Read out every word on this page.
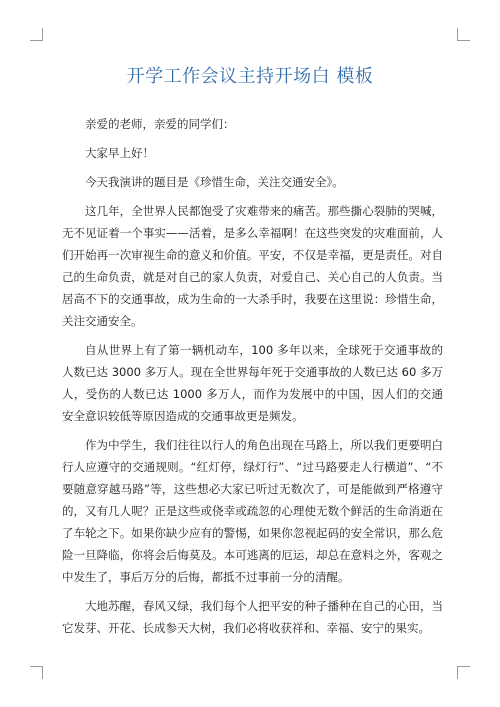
开学工作会议主持开场白 模板

亲爱的老师，亲爱的同学们：

大家早上好！

今天我演讲的题目是《珍惜生命，关注交通安全》。

这几年，全世界人民都饱受了灾难带来的痛苦。那些撕心裂肺的哭喊，无不见证着一个事实——活着，是多么幸福啊！在这些突发的灾难面前，人们开始再一次审视生命的意义和价值。平安，不仅是幸福，更是责任。对自己的生命负责，就是对自己的家人负责，对爱自己、关心自己的人负责。当居高不下的交通事故，成为生命的一大杀手时，我要在这里说：珍惜生命，关注交通安全。

自从世界上有了第一辆机动车，100 多年以来，全球死于交通事故的人数已达 3000 多万人。现在全世界每年死于交通事故的人数已达 60 多万人，受伤的人数已达 1000 多万人，而作为发展中的中国，因人们的交通安全意识较低等原因造成的交通事故更是频发。

作为中学生，我们往往以行人的角色出现在马路上，所以我们更要明白行人应遵守的交通规则。“红灯停，绿灯行”、“过马路要走人行横道”、“不要随意穿越马路”等，这些想必大家已听过无数次了，可是能做到严格遵守的，又有几人呢？正是这些或侥幸或疏忽的心理使无数个鲜活的生命消逝在了车轮之下。如果你缺少应有的警惕，如果你忽视起码的安全常识，那么危险一旦降临，你将会后悔莫及。本可逃离的厄运，却总在意料之外，客观之中发生了，事后万分的后悔，都抵不过事前一分的清醒。

大地苏醒，春风又绿，我们每个人把平安的种子播种在自己的心田，当它发芽、开花、长成参天大树，我们必将收获祥和、幸福、安宁的果实。
